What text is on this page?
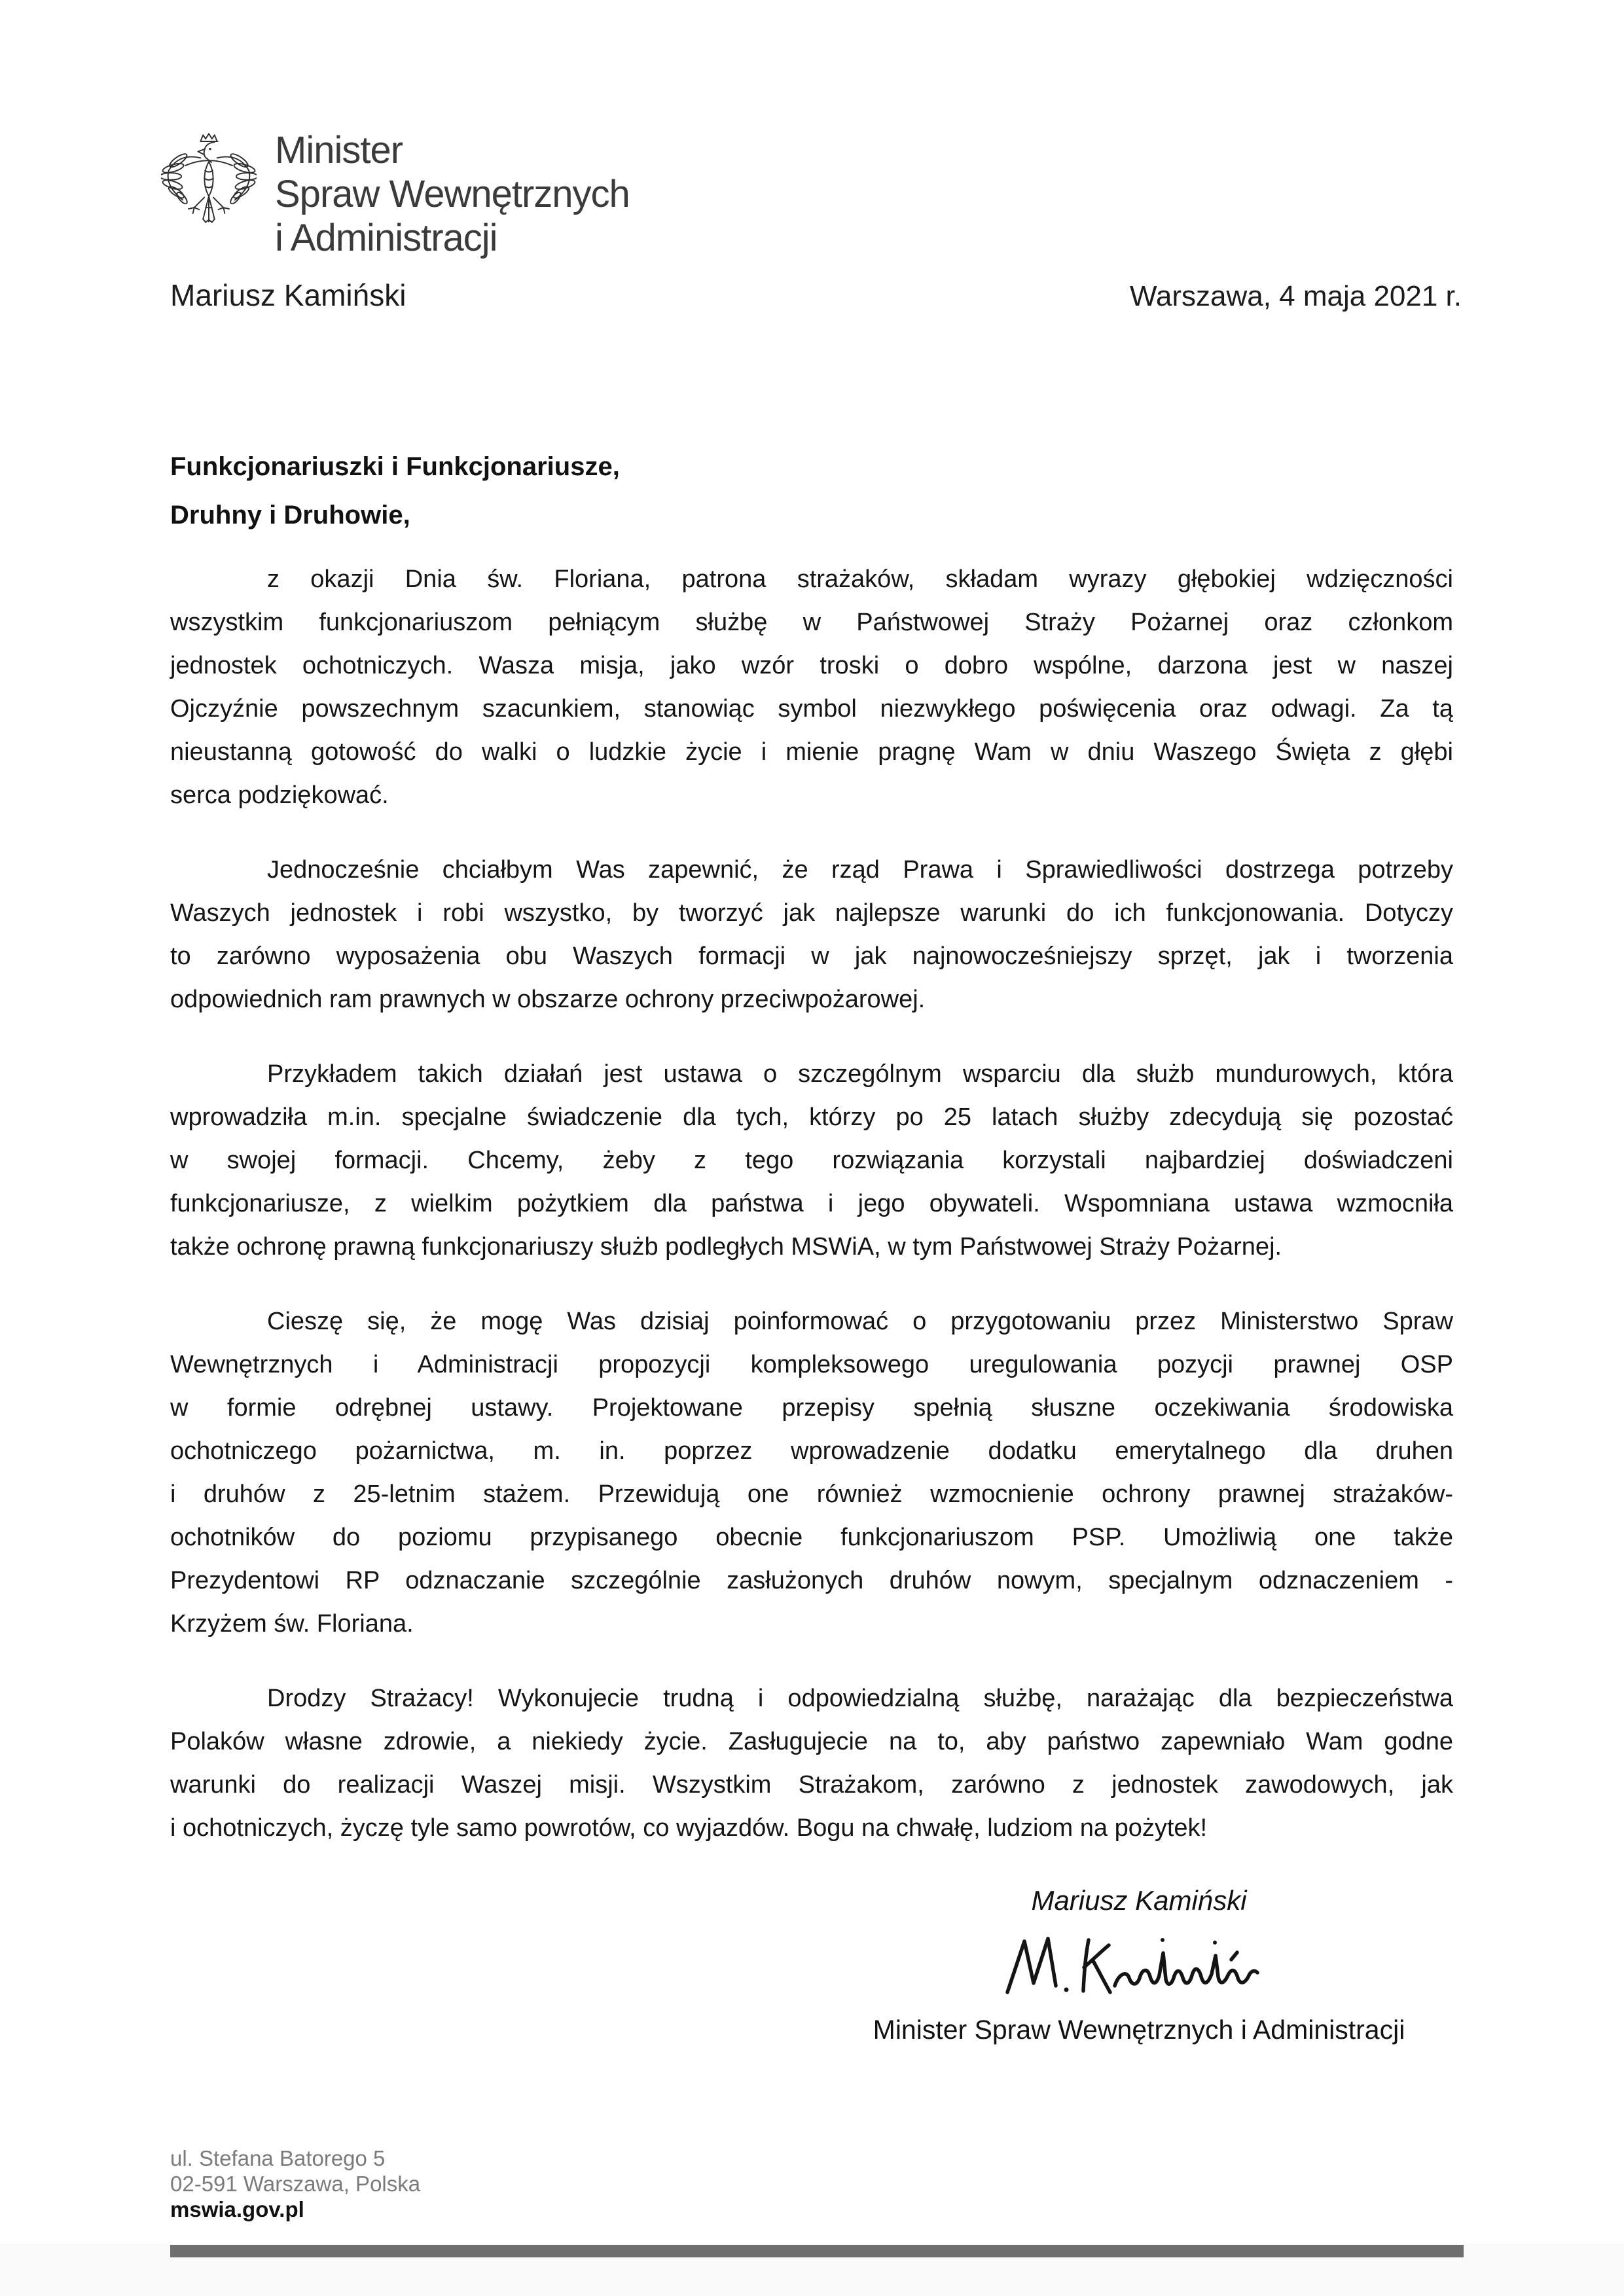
Minister
Spraw Wewnętrznych
i Administracji
Mariusz Kamiński	Warszawa, 4 maja 2021 r.
Funkcjonariuszki i Funkcjonariusze,
Druhny i Druhowie,
z okazji Dnia św. Floriana, patrona strażaków, składam wyrazy głębokiej wdzięczności
wszystkim funkcjonariuszom pełniącym służbę w Państwowej Straży Pożarnej oraz członkom
jednostek ochotniczych. Wasza misja, jako wzór troski o dobro wspólne, darzona jest w naszej
Ojczyźnie powszechnym szacunkiem, stanowiąc symbol niezwykłego poświęcenia oraz odwagi. Za tą
nieustanną gotowość do walki o ludzkie życie i mienie pragnę Wam w dniu Waszego Święta z głębi
serca podziękować.
Jednocześnie chciałbym Was zapewnić, że rząd Prawa i Sprawiedliwości dostrzega potrzeby
Waszych jednostek i robi wszystko, by tworzyć jak najlepsze warunki do ich funkcjonowania. Dotyczy
to zarówno wyposażenia obu Waszych formacji w jak najnowocześniejszy sprzęt, jak i tworzenia
odpowiednich ram prawnych w obszarze ochrony przeciwpożarowej.
Przykładem takich działań jest ustawa o szczególnym wsparciu dla służb mundurowych, która
wprowadziła m.in. specjalne świadczenie dla tych, którzy po 25 latach służby zdecydują się pozostać
w swojej formacji. Chcemy, żeby z tego rozwiązania korzystali najbardziej doświadczeni
funkcjonariusze, z wielkim pożytkiem dla państwa i jego obywateli. Wspomniana ustawa wzmocniła
także ochronę prawną funkcjonariuszy służb podległych MSWiA, w tym Państwowej Straży Pożarnej.
Cieszę się, że mogę Was dzisiaj poinformować o przygotowaniu przez Ministerstwo Spraw
Wewnętrznych i Administracji propozycji kompleksowego uregulowania pozycji prawnej OSP
w formie odrębnej ustawy. Projektowane przepisy spełnią słuszne oczekiwania środowiska
ochotniczego pożarnictwa, m. in. poprzez wprowadzenie dodatku emerytalnego dla druhen
i druhów z 25-letnim stażem. Przewidują one również wzmocnienie ochrony prawnej strażaków-
ochotników do poziomu przypisanego obecnie funkcjonariuszom PSP. Umożliwią one także
Prezydentowi RP odznaczanie szczególnie zasłużonych druhów nowym, specjalnym odznaczeniem -
Krzyżem św. Floriana.
Drodzy Strażacy! Wykonujecie trudną i odpowiedzialną służbę, narażając dla bezpieczeństwa
Polaków własne zdrowie, a niekiedy życie. Zasługujecie na to, aby państwo zapewniało Wam godne
warunki do realizacji Waszej misji. Wszystkim Strażakom, zarówno z jednostek zawodowych, jak
i ochotniczych, życzę tyle samo powrotów, co wyjazdów. Bogu na chwałę, ludziom na pożytek!
Mariusz Kamiński
Minister Spraw Wewnętrznych i Administracji
ul. Stefana Batorego 5
02-591 Warszawa, Polska
mswia.gov.pl
